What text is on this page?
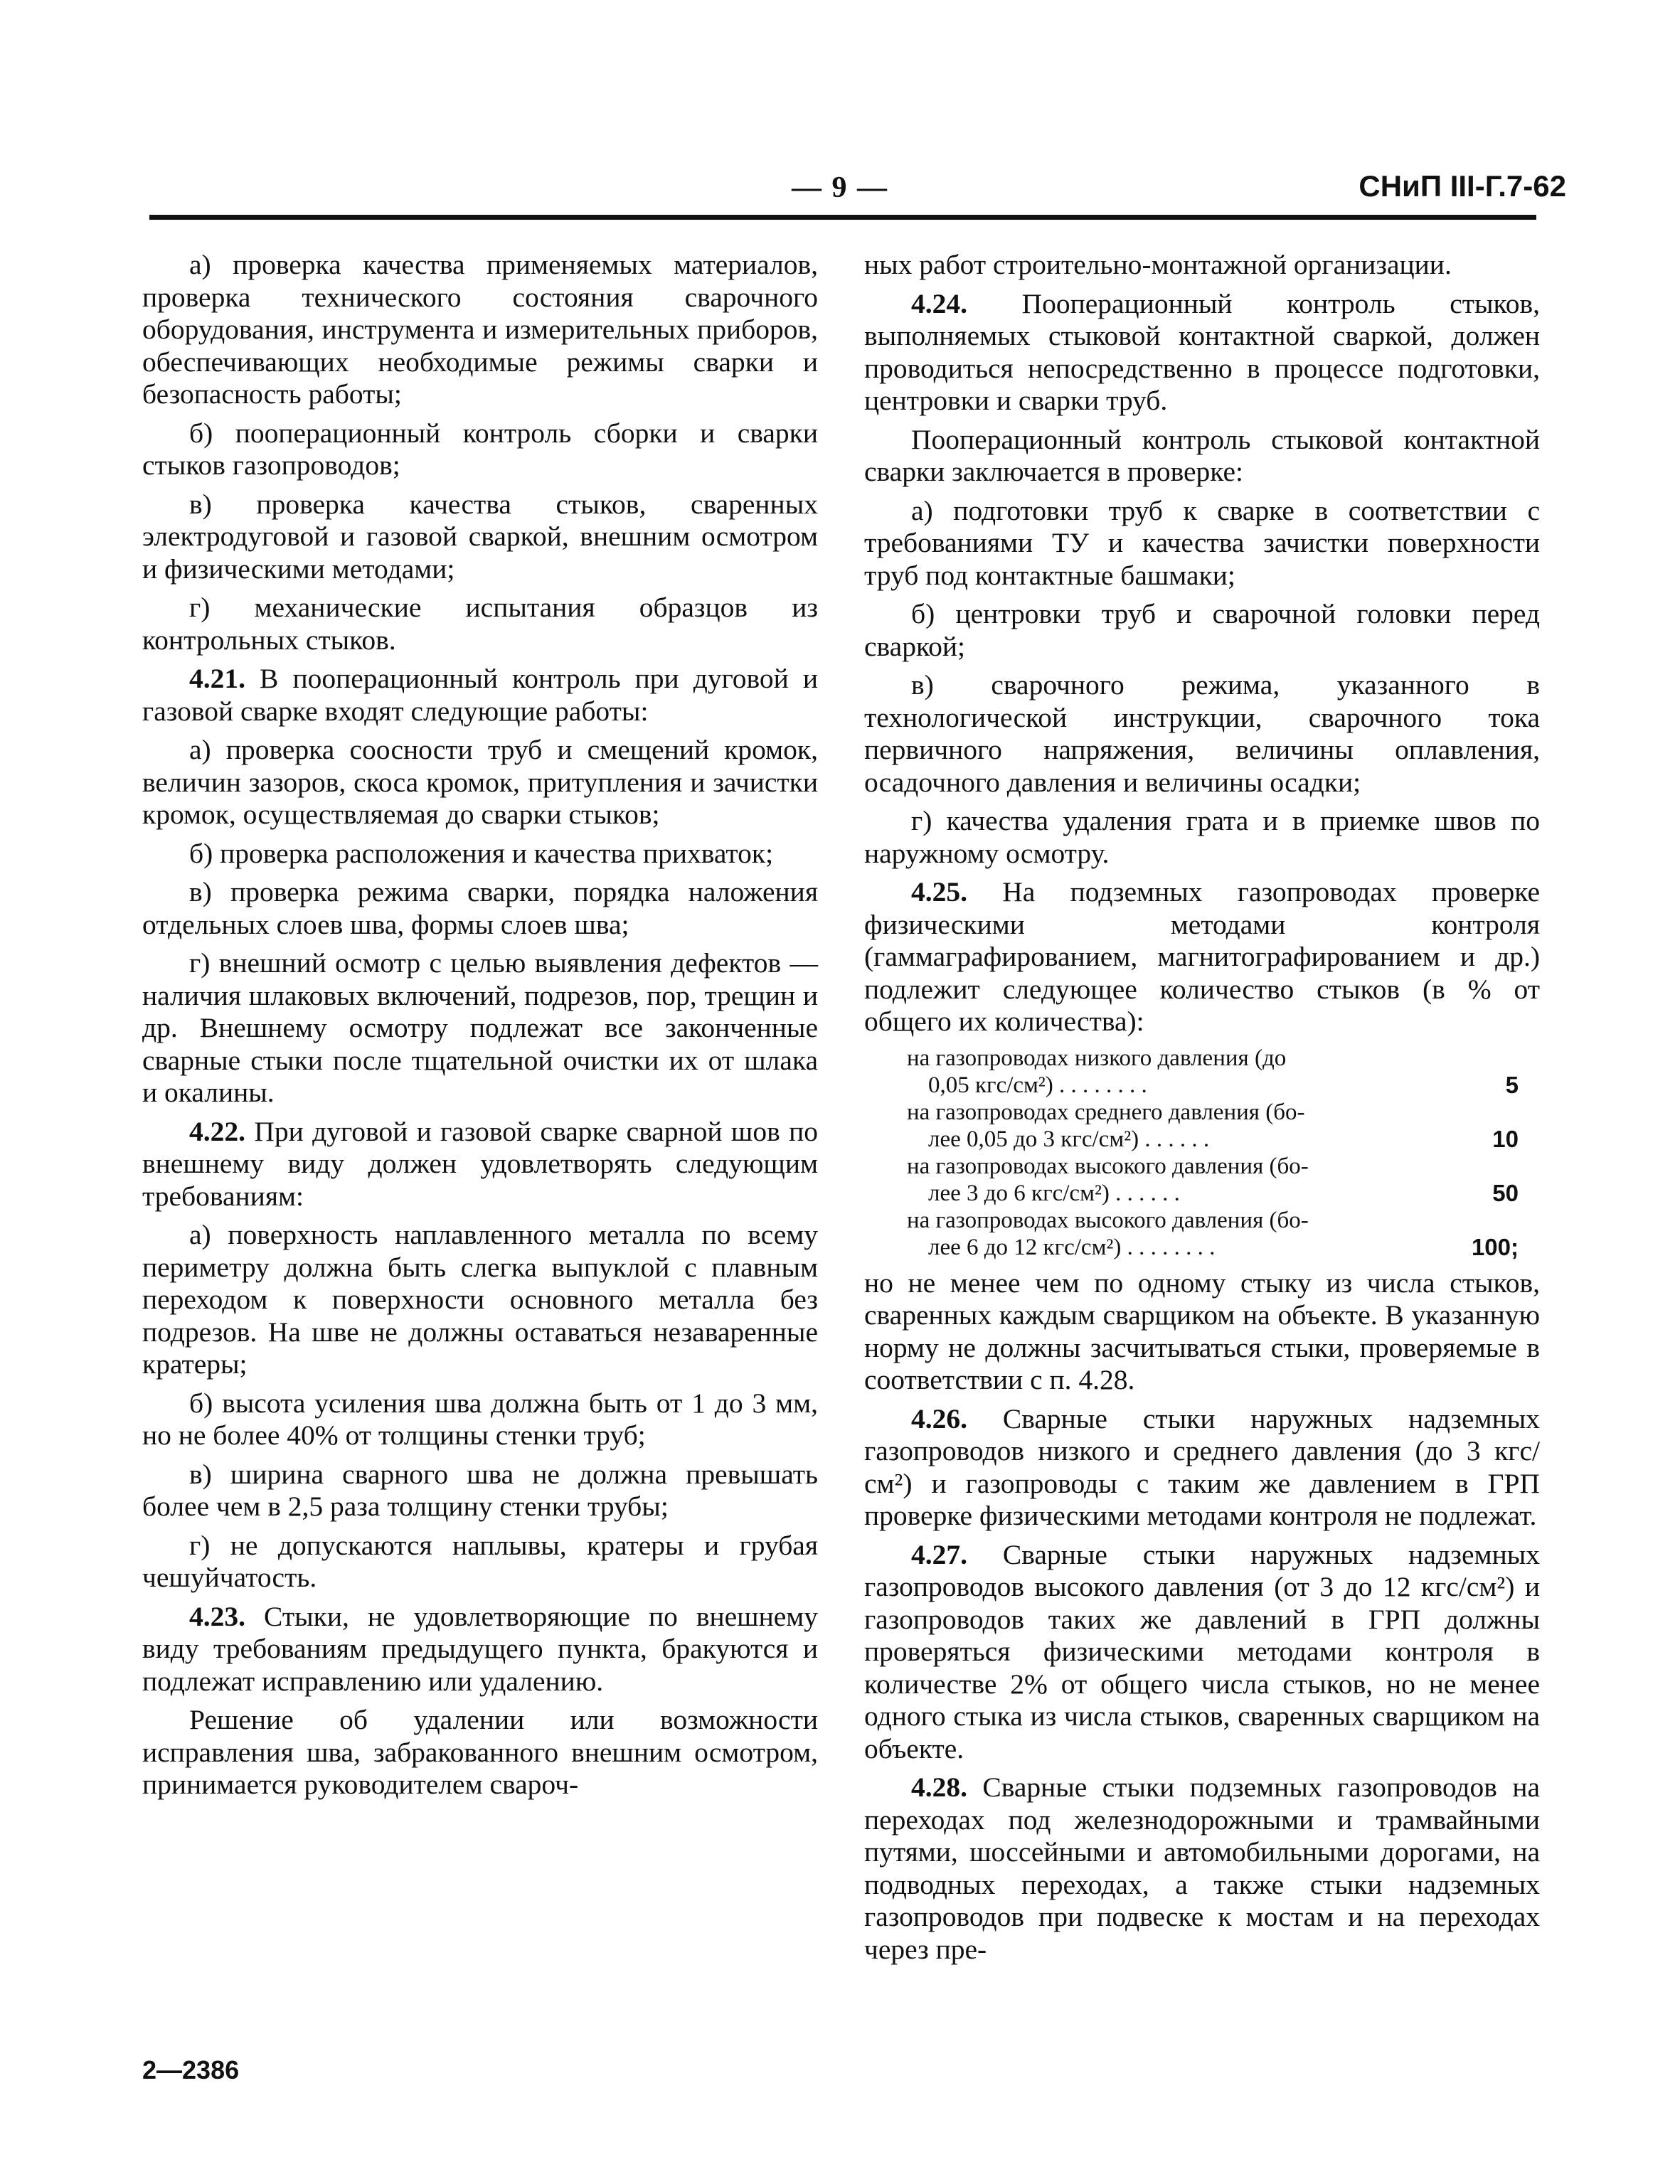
— 9 —	СНиП III-Г.7-62

а) проверка качества применяемых материалов, проверка технического состояния сварочного оборудования, инструмента и измерительных приборов, обеспечивающих необходимые режимы сварки и безопасность работы;

б) пооперационный контроль сборки и сварки стыков газопроводов;

в) проверка качества стыков, сваренных электродуговой и газовой сваркой, внешним осмотром и физическими методами;

г) механические испытания образцов из контрольных стыков.

4.21. В пооперационный контроль при дуговой и газовой сварке входят следующие работы:

а) проверка соосности труб и смещений кромок, величин зазоров, скоса кромок, притупления и зачистки кромок, осуществляемая до сварки стыков;

б) проверка расположения и качества прихваток;

в) проверка режима сварки, порядка наложения отдельных слоев шва, формы слоев шва;

г) внешний осмотр с целью выявления дефектов — наличия шлаковых включений, подрезов, пор, трещин и др. Внешнему осмотру подлежат все законченные сварные стыки после тщательной очистки их от шлака и окалины.

4.22. При дуговой и газовой сварке сварной шов по внешнему виду должен удовлетворять следующим требованиям:

а) поверхность наплавленного металла по всему периметру должна быть слегка выпуклой с плавным переходом к поверхности основного металла без подрезов. На шве не должны оставаться незаваренные кратеры;

б) высота усиления шва должна быть от 1 до 3 мм, но не более 40% от толщины стенки труб;

в) ширина сварного шва не должна превышать более чем в 2,5 раза толщину стенки трубы;

г) не допускаются наплывы, кратеры и грубая чешуйчатость.

4.23. Стыки, не удовлетворяющие по внешнему виду требованиям предыдущего пункта, бракуются и подлежат исправлению или удалению.

Решение об удалении или возможности исправления шва, забракованного внешним осмотром, принимается руководителем свароч-

ных работ строительно-монтажной организации.

4.24. Пооперационный контроль стыков, выполняемых стыковой контактной сваркой, должен проводиться непосредственно в процессе подготовки, центровки и сварки труб.

Пооперационный контроль стыковой контактной сварки заключается в проверке:

а) подготовки труб к сварке в соответствии с требованиями ТУ и качества зачистки поверхности труб под контактные башмаки;

б) центровки труб и сварочной головки перед сваркой;

в) сварочного режима, указанного в технологической инструкции, сварочного тока первичного напряжения, величины оплавления, осадочного давления и величины осадки;

г) качества удаления грата и в приемке швов по наружному осмотру.

4.25. На подземных газопроводах проверке физическими методами контроля (гаммаграфированием, магнитографированием и др.) подлежит следующее количество стыков (в % от общего их количества):

на газопроводах низкого давления (до
0,05 кгс/см²) . . . . . . . .	5
на газопроводах среднего давления (бо-
лее 0,05 до 3 кгс/см²) . . . . . .	10
на газопроводах высокого давления (бо-
лее 3 до 6 кгс/см²) . . . . . .	50
на газопроводах высокого давления (бо-
лее 6 до 12 кгс/см²) . . . . . . . .	100;

но не менее чем по одному стыку из числа стыков, сваренных каждым сварщиком на объекте. В указанную норму не должны засчитываться стыки, проверяемые в соответствии с п. 4.28.

4.26. Сварные стыки наружных надземных газопроводов низкого и среднего давления (до 3 кгс/см²) и газопроводы с таким же давлением в ГРП проверке физическими методами контроля не подлежат.

4.27. Сварные стыки наружных надземных газопроводов высокого давления (от 3 до 12 кгс/см²) и газопроводов таких же давлений в ГРП должны проверяться физическими методами контроля в количестве 2% от общего числа стыков, но не менее одного стыка из числа стыков, сваренных сварщиком на объекте.

4.28. Сварные стыки подземных газопроводов на переходах под железнодорожными и трамвайными путями, шоссейными и автомобильными дорогами, на подводных переходах, а также стыки надземных газопроводов при подвеске к мостам и на переходах через пре-

2—2386
